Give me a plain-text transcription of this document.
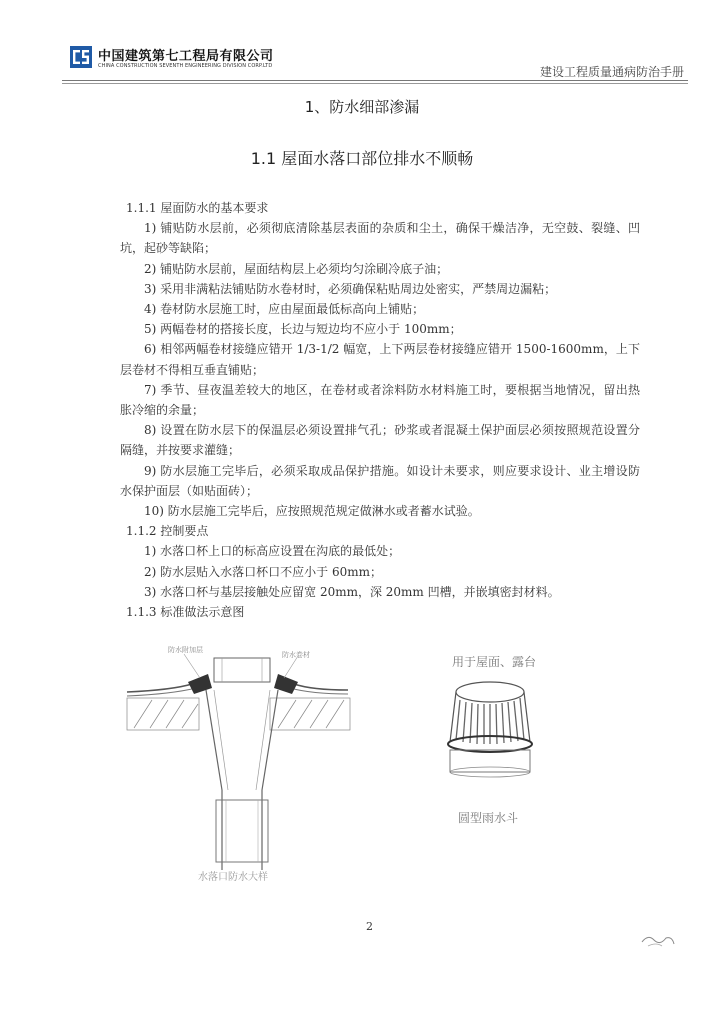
中国建筑第七工程局有限公司
CHINA CONSTRUCTION SEVENTH ENGINEERING DIVISION CORP.LTD	建设工程质量通病防治手册
1、防水细部渗漏
1.1 屋面水落口部位排水不顺畅

1.1.1 屋面防水的基本要求

1) 铺贴防水层前，必须彻底清除基层表面的杂质和尘土，确保干燥洁净，无空鼓、裂缝、凹坑，起砂等缺陷；

2) 铺贴防水层前，屋面结构层上必须均匀涂刷冷底子油；

3) 采用非满粘法铺贴防水卷材时，必须确保粘贴周边处密实，严禁周边漏粘；

4) 卷材防水层施工时，应由屋面最低标高向上铺贴；

5) 两幅卷材的搭接长度，长边与短边均不应小于 100mm；

6) 相邻两幅卷材接缝应错开 1/3-1/2 幅宽，上下两层卷材接缝应错开 1500-1600mm，上下层卷材不得相互垂直铺贴；

7) 季节、昼夜温差较大的地区，在卷材或者涂料防水材料施工时，要根据当地情况，留出热胀冷缩的余量；

8) 设置在防水层下的保温层必须设置排气孔；砂浆或者混凝土保护面层必须按照规范设置分隔缝，并按要求灌缝；

9) 防水层施工完毕后，必须采取成品保护措施。如设计未要求，则应要求设计、业主增设防水保护面层（如贴面砖）；

10) 防水层施工完毕后，应按照规范规定做淋水或者蓄水试验。

1.1.2 控制要点

1) 水落口杯上口的标高应设置在沟底的最低处；

2) 防水层贴入水落口杯口不应小于 60mm；

3) 水落口杯与基层接触处应留宽 20mm，深 20mm 凹槽，并嵌填密封材料。

1.1.3 标准做法示意图

防水附加层
防水卷材
水落口防水大样
用于屋面、露台
圆型雨水斗
2
